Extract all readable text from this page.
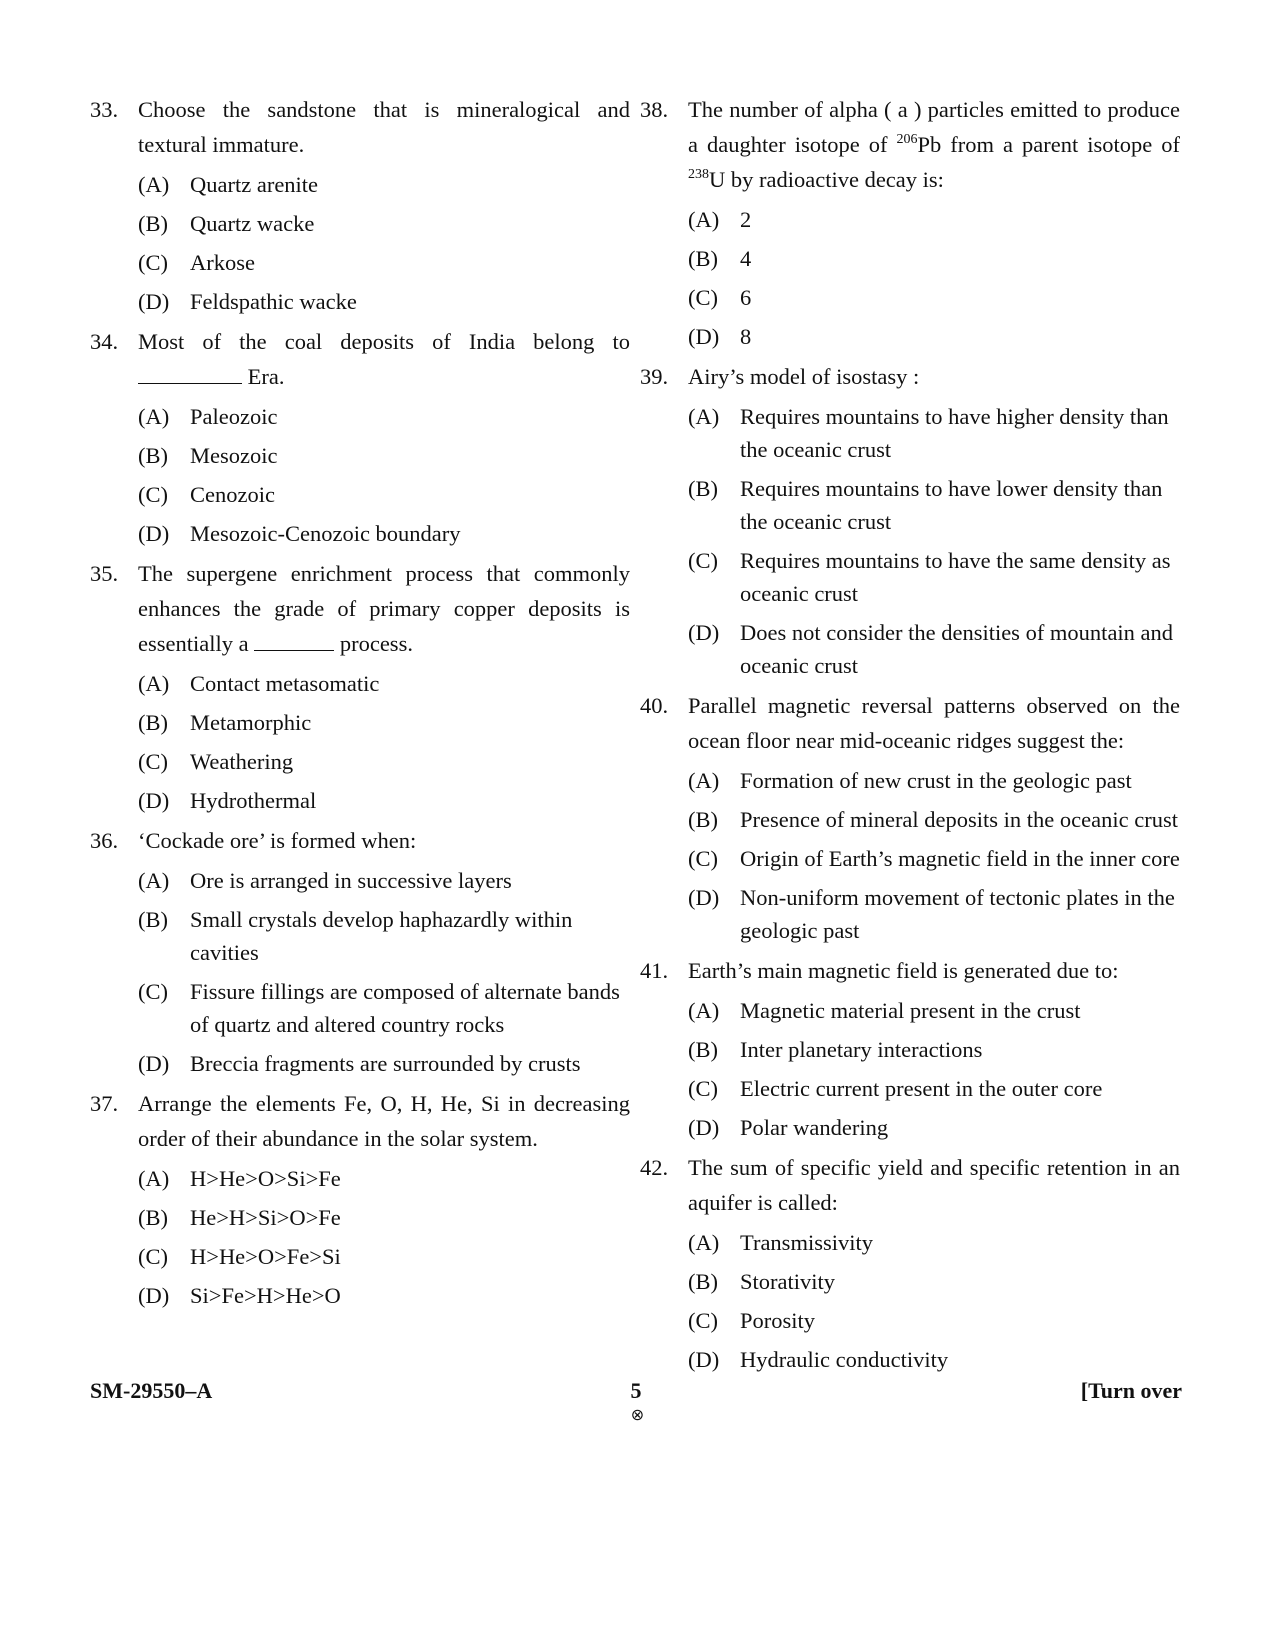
33. Choose the sandstone that is mineralogical and textural immature.
(A) Quartz arenite
(B) Quartz wacke
(C) Arkose
(D) Feldspathic wacke
34. Most of the coal deposits of India belong to  Era.
(A) Paleozoic
(B) Mesozoic
(C) Cenozoic
(D) Mesozoic-Cenozoic boundary
35. The supergene enrichment process that commonly enhances the grade of primary copper deposits is essentially a	process.
(A) Contact metasomatic
(B) Metamorphic
(C) Weathering
(D) Hydrothermal
36. ‘Cockade ore’ is formed when:
(A) Ore is arranged in successive layers
(B) Small crystals develop haphazardly within cavities
(C) Fissure fillings are composed of alternate bands of quartz and altered country rocks
(D) Breccia fragments are surrounded by crusts
37. Arrange the elements Fe, O, H, He, Si in decreasing order of their abundance in the solar system.
(A) H>He>O>Si>Fe
(B) He>H>Si>O>Fe
(C) H>He>O>Fe>Si
(D) Si>Fe>H>He>O
38. The number of alpha ( a ) particles emitted to produce a daughter isotope of $^{206}$Pb from a parent isotope of $^{238}$U by radioactive decay is:
(A) 2
(B) 4
(C) 6
(D) 8
39. Airy’s model of isostasy :
(A) Requires mountains to have higher density than the oceanic crust
(B) Requires mountains to have lower density than the oceanic crust
(C) Requires mountains to have the same density as oceanic crust
(D) Does not consider the densities of mountain and oceanic crust
40. Parallel magnetic reversal patterns observed on the ocean floor near mid-oceanic ridges suggest the:
(A) Formation of new crust in the geologic past
(B) Presence of mineral deposits in the oceanic crust
(C) Origin of Earth’s magnetic field in the inner core
(D) Non-uniform movement of tectonic plates in the geologic past
41. Earth’s main magnetic field is generated due to:
(A) Magnetic material present in the crust
(B) Inter planetary interactions
(C) Electric current present in the outer core
(D) Polar wandering
42. The sum of specific yield and specific retention in an aquifer is called:
(A) Transmissivity
(B) Storativity
(C) Porosity
(D) Hydraulic conductivity
SM-29550–A	5	[Turn over
⊗
